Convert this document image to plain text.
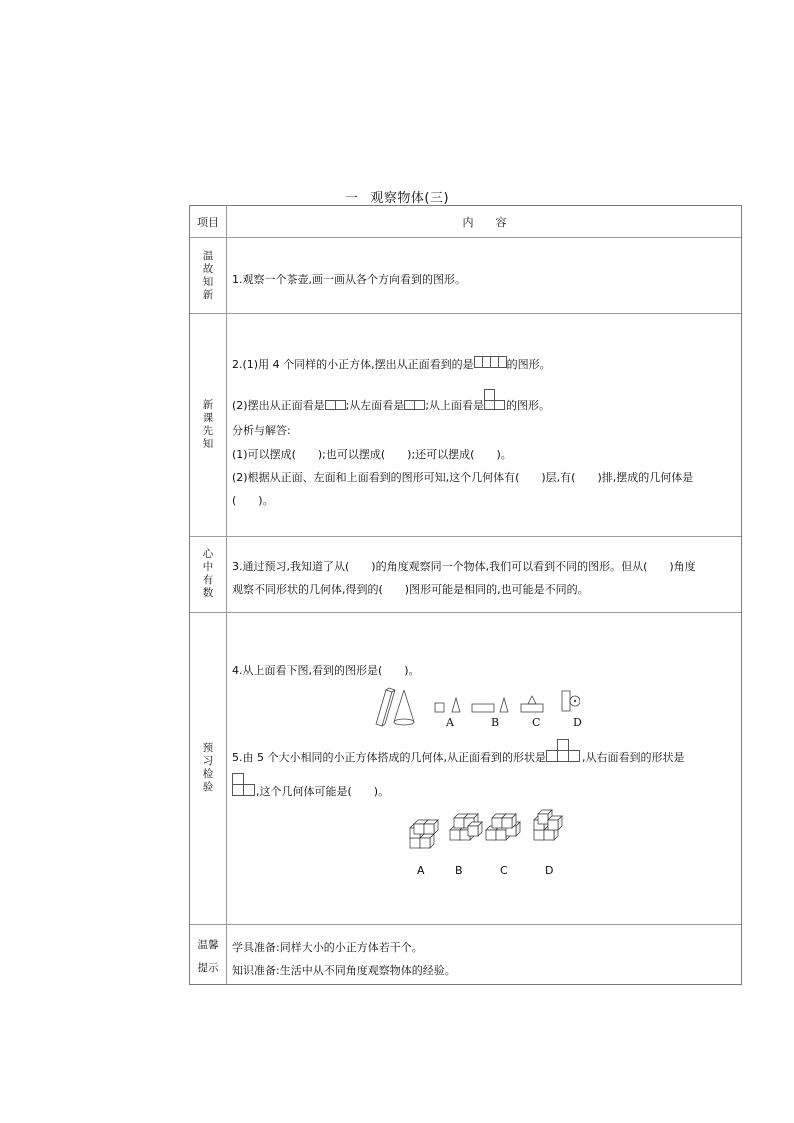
一 观察物体(三)
项目	内　　容
温
故
知
新
1.观察一个茶壶,画一画从各个方向看到的图形。
新
课
先
知
2.(1)用 4 个同样的小正方体,摆出从正面看到的是	的图形。
(2)摆出从正面看是 ;从左面看是 ;从上面看是 的图形。
分析与解答:
(1)可以摆成(　　);也可以摆成(　　);还可以摆成(　　)。
(2)根据从正面、左面和上面看到的图形可知,这个几何体有(　　)层,有(　　)排,摆成的几何体是
(　　)。
心
中
有
数
3.通过预习,我知道了从(　　)的角度观察同一个物体,我们可以看到不同的图形。但从(　　)角度
观察不同形状的几何体,得到的(　　)图形可能是相同的,也可能是不同的。
预
习
检
验
4.从上面看下图,看到的图形是(　　)。
A	B	C	D
5.由 5 个大小相同的小正方体搭成的几何体,从正面看到的形状是	,从右面看到的形状是
,这个几何体可能是(　　)。
A	B	C	D
温馨
提示
学具准备:同样大小的小正方体若干个。
知识准备:生活中从不同角度观察物体的经验。
